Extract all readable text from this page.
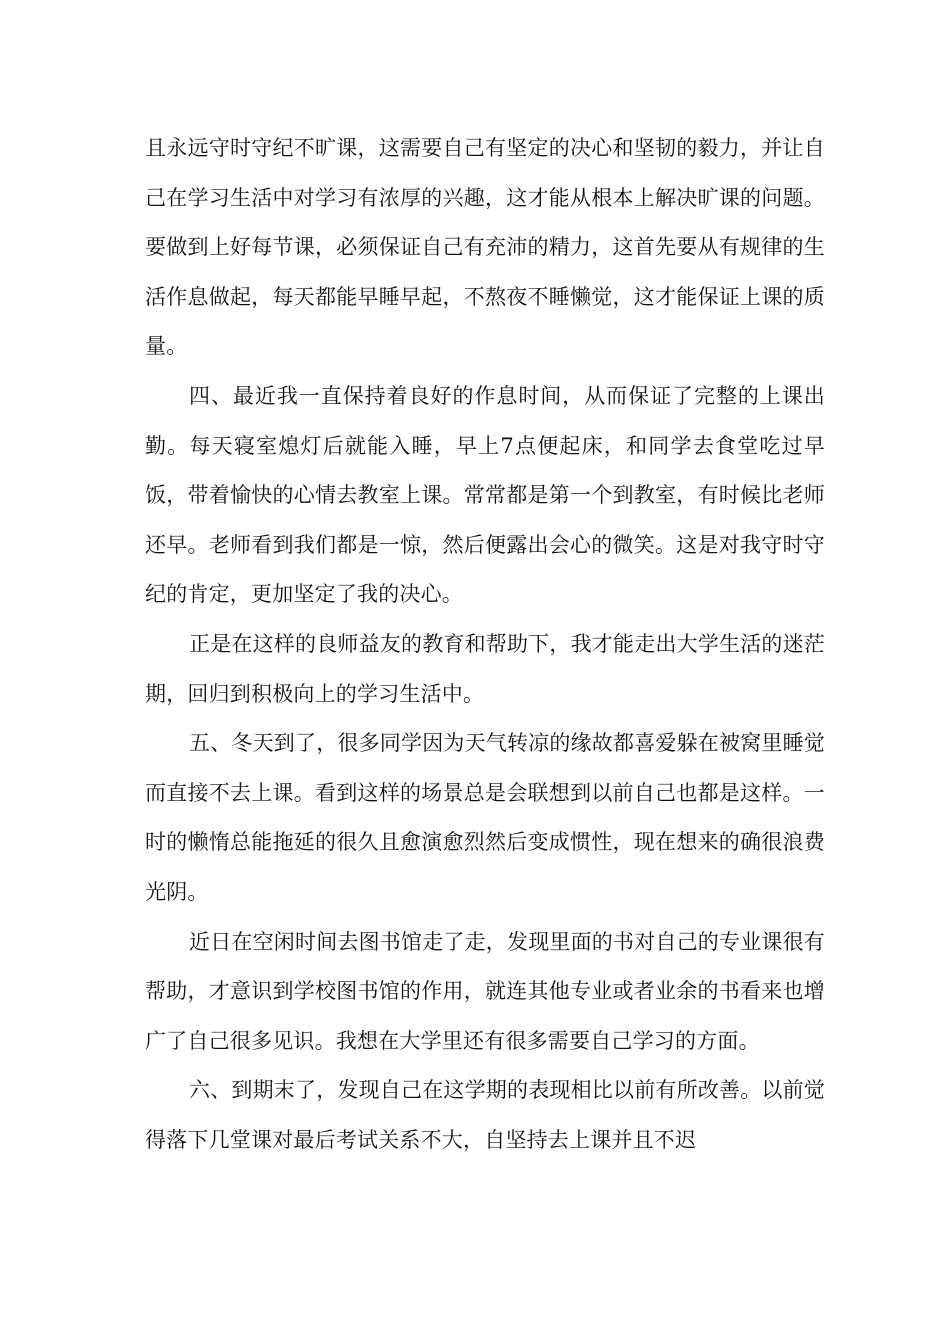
且永远守时守纪不旷课，这需要自己有坚定的决心和坚韧的毅力，并让自己在学习生活中对学习有浓厚的兴趣，这才能从根本上解决旷课的问题。 要做到上好每节课，必须保证自己有充沛的精力，这首先要从有规律的生活作息做起，每天都能早睡早起，不熬夜不睡懒觉，这才能保证上课的质量。

四、最近我一直保持着良好的作息时间，从而保证了完整的上课出勤。每天寝室熄灯后就能入睡，早上7点便起床，和同学去食堂吃过早饭，带着愉快的心情去教室上课。常常都是第一个到教室，有时候比老师还早。老师看到我们都是一惊，然后便露出会心的微笑。这是对我守时守纪的肯定，更加坚定了我的决心。

正是在这样的良师益友的教育和帮助下，我才能走出大学生活的迷茫期，回归到积极向上的学习生活中。

五、冬天到了，很多同学因为天气转凉的缘故都喜爱躲在被窝里睡觉而直接不去上课。看到这样的场景总是会联想到以前自己也都是这样。一时的懒惰总能拖延的很久且愈演愈烈然后变成惯性，现在想来的确很浪费光阴。

近日在空闲时间去图书馆走了走，发现里面的书对自己的专业课很有帮助，才意识到学校图书馆的作用，就连其他专业或者业余的书看来也增广了自己很多见识。我想在大学里还有很多需要自己学习的方面。

六、到期末了，发现自己在这学期的表现相比以前有所改善。以前觉得落下几堂课对最后考试关系不大，自坚持去上课并且不迟
